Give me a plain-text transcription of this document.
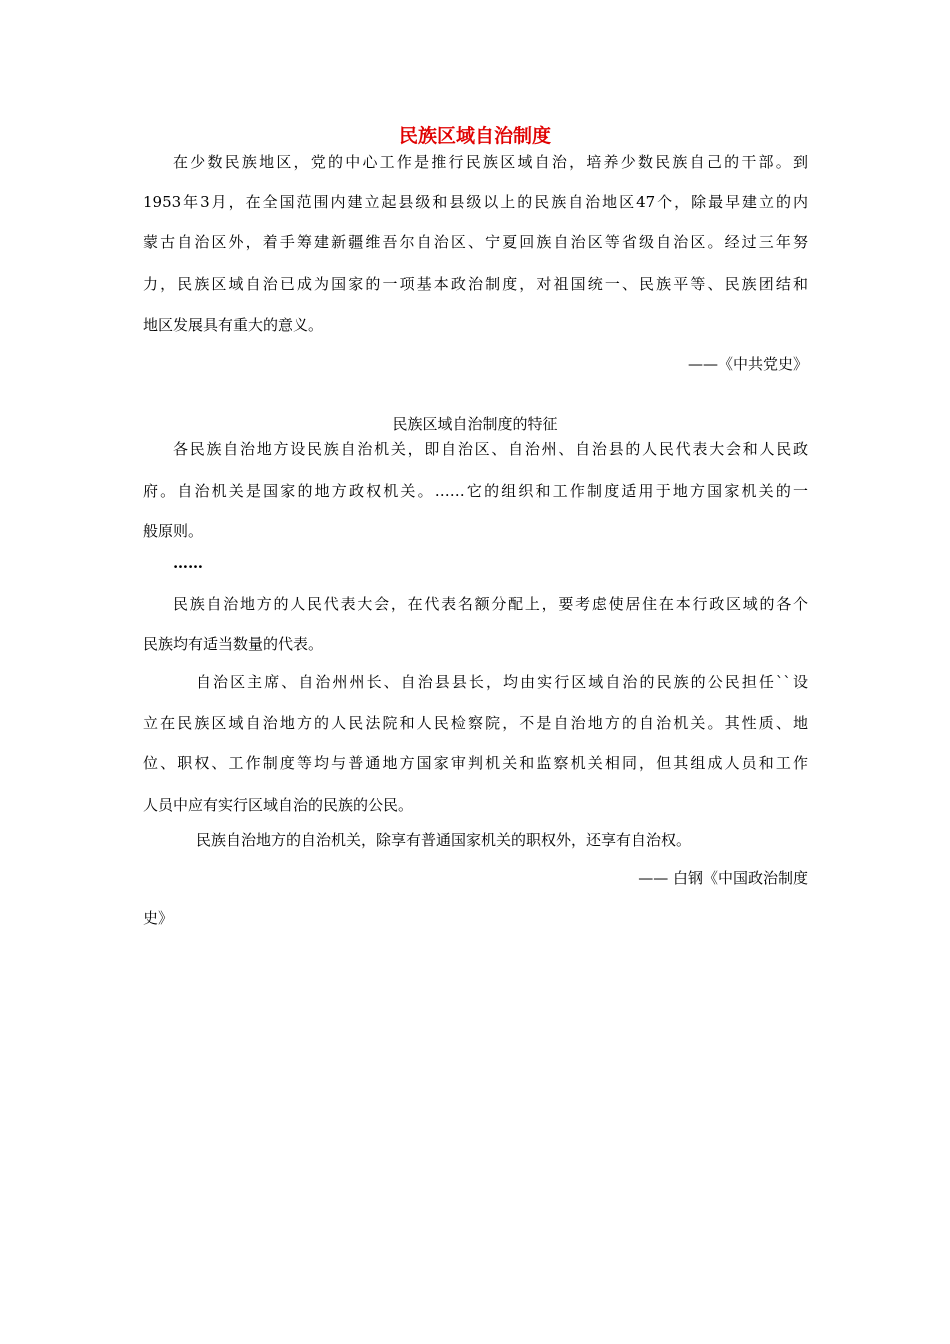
民族区域自治制度
在少数民族地区，党的中心工作是推行民族区域自治，培养少数民族自己的干部。到
1953年3月，在全国范围内建立起县级和县级以上的民族自治地区47个，除最早建立的内
蒙古自治区外，着手筹建新疆维吾尔自治区、宁夏回族自治区等省级自治区。经过三年努
力，民族区域自治已成为国家的一项基本政治制度，对祖国统一、民族平等、民族团结和
地区发展具有重大的意义。
——《中共党史》
民族区域自治制度的特征
各民族自治地方设民族自治机关，即自治区、自治州、自治县的人民代表大会和人民政
府。自治机关是国家的地方政权机关。……它的组织和工作制度适用于地方国家机关的一
般原则。
……
民族自治地方的人民代表大会，在代表名额分配上，要考虑使居住在本行政区域的各个
民族均有适当数量的代表。
自治区主席、自治州州长、自治县县长，均由实行区域自治的民族的公民担任``设
立在民族区域自治地方的人民法院和人民检察院，不是自治地方的自治机关。其性质、地
位、职权、工作制度等均与普通地方国家审判机关和监察机关相同，但其组成人员和工作
人员中应有实行区域自治的民族的公民。
民族自治地方的自治机关，除享有普通国家机关的职权外，还享有自治权。
—— 白钢《中国政治制度
史》
